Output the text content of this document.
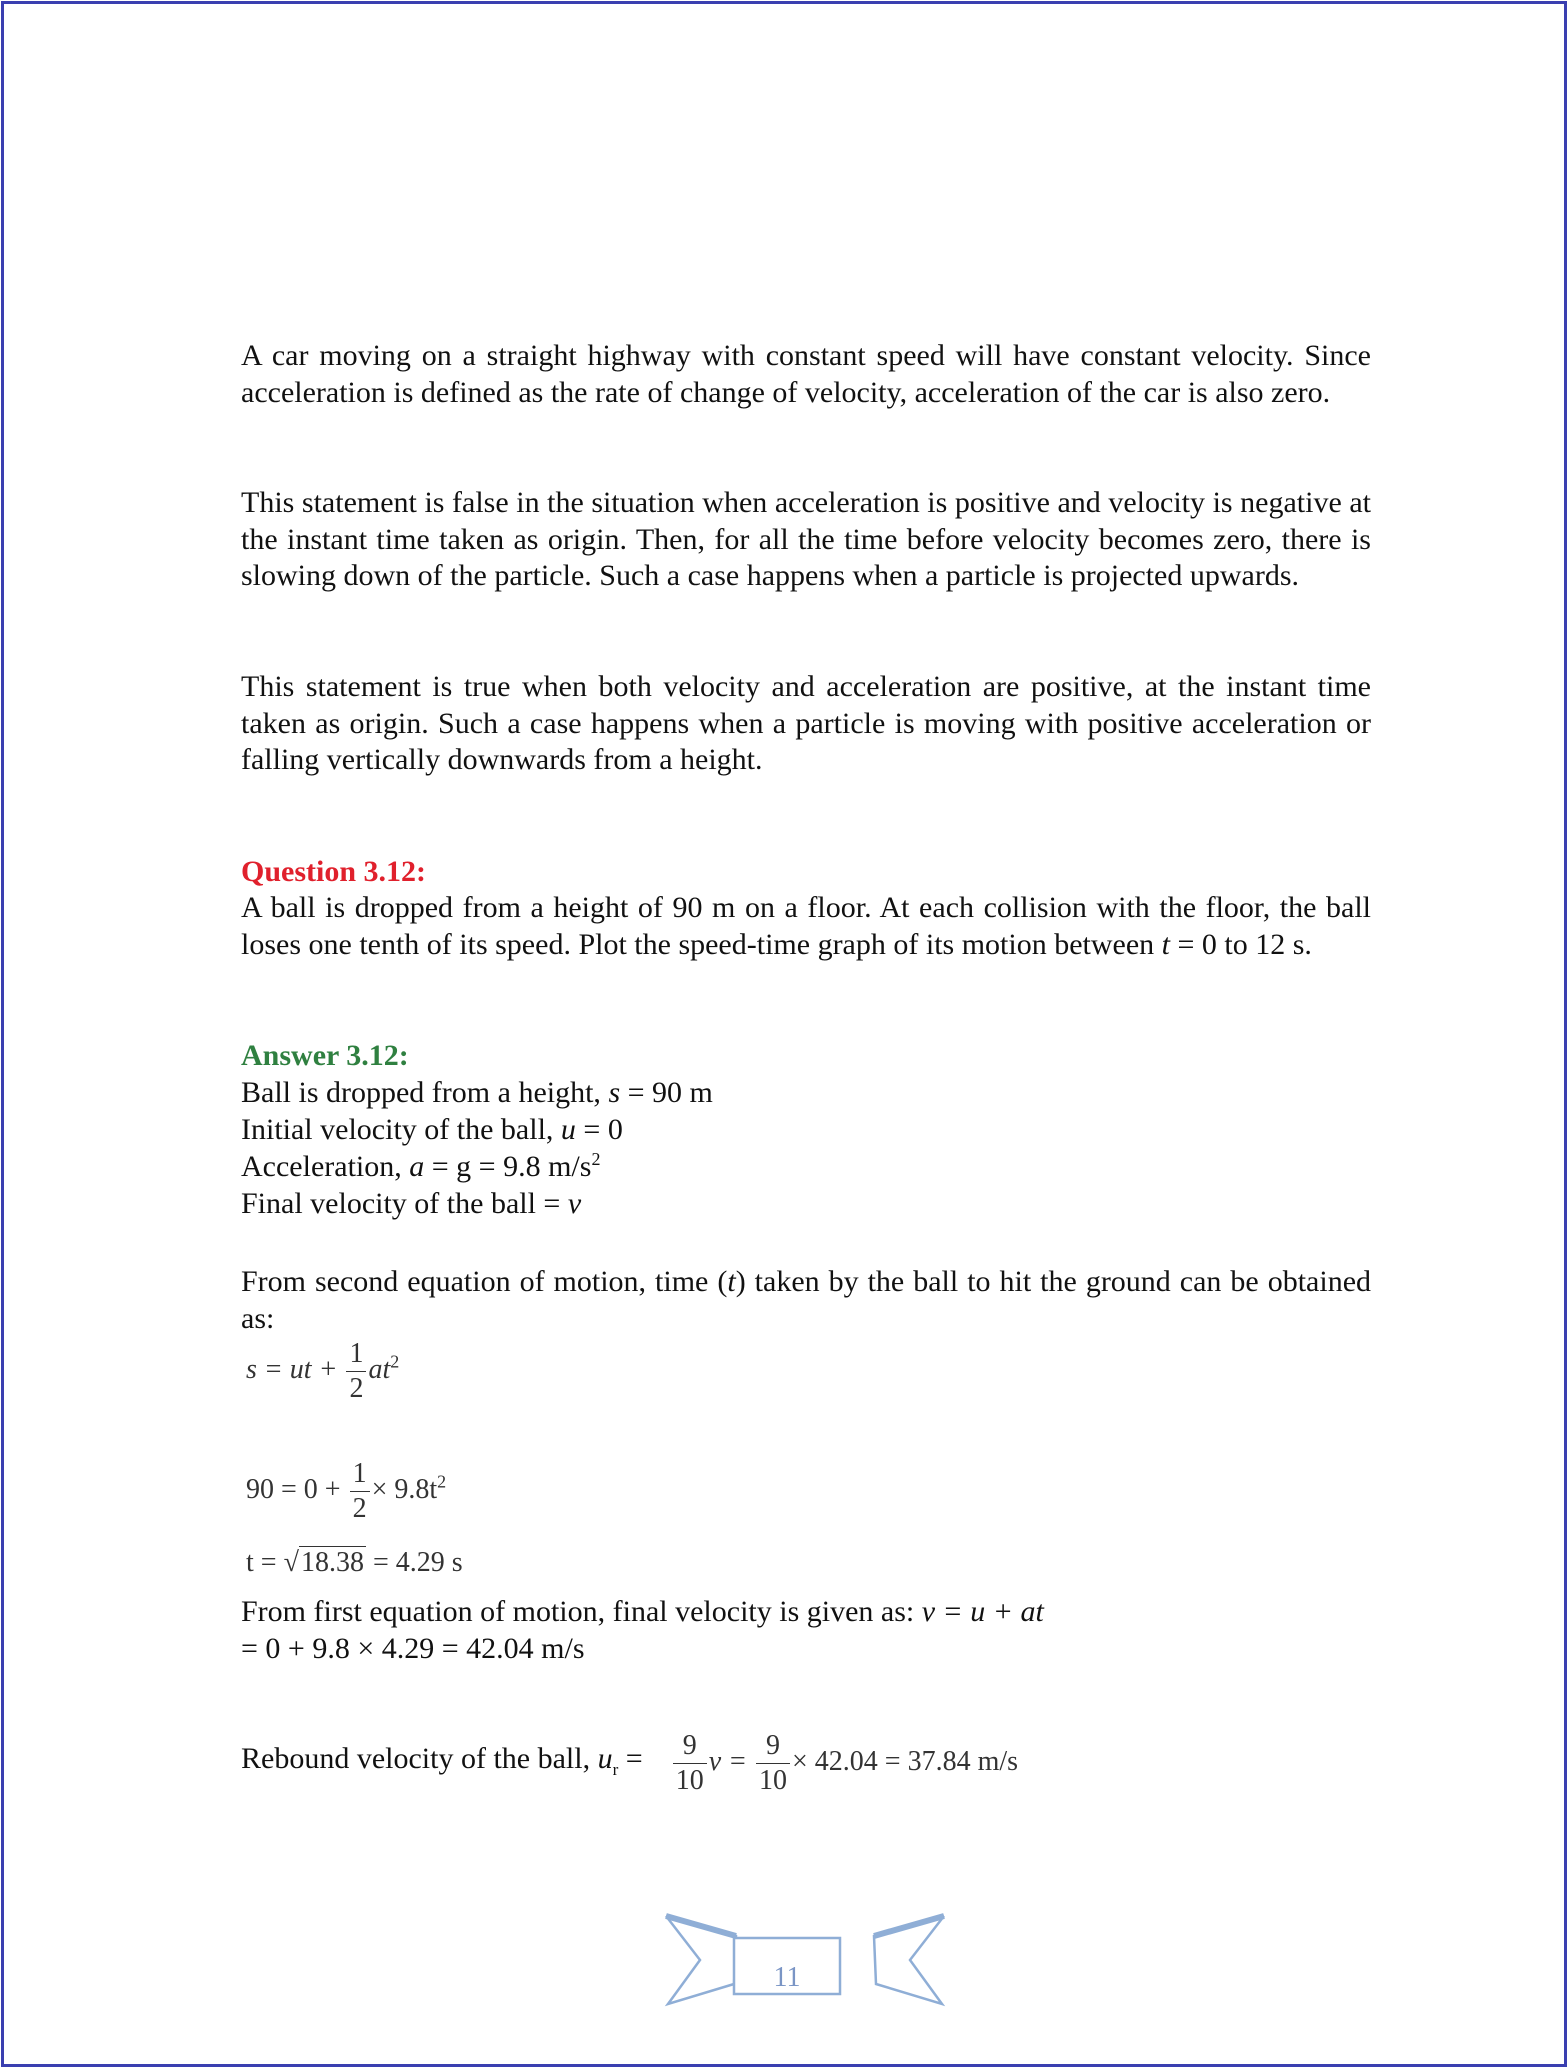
A car moving on a straight highway with constant speed will have constant velocity. Since acceleration is defined as the rate of change of velocity, acceleration of the car is also zero.

This statement is false in the situation when acceleration is positive and velocity is negative at the instant time taken as origin. Then, for all the time before velocity becomes zero, there is slowing down of the particle. Such a case happens when a particle is projected upwards.

This statement is true when both velocity and acceleration are positive, at the instant time taken as origin. Such a case happens when a particle is moving with positive acceleration or falling vertically downwards from a height.

Question 3.12:

A ball is dropped from a height of 90 m on a floor. At each collision with the floor, the ball loses one tenth of its speed. Plot the speed-time graph of its motion between t = 0 to 12 s.

Answer 3.12:

Ball is dropped from a height, s = 90 m

Initial velocity of the ball, u = 0

Acceleration, a = g = 9.8 $m/s^2$

Final velocity of the ball = v

From second equation of motion, time (t) taken by the ball to hit the ground can be obtained as:

s = ut + $\frac{1}{2} at^2$
$90 = 0 + \frac{1}{2} \times 9.8t^2$
t = √18.38 = 4.29 s

From first equation of motion, final velocity is given as: v = u + at

= 0 + 9.8 × 4.29 = 42.04 m/s

Rebound velocity of the ball, $u_r = \frac{9}{10}$ $v = \frac{9}{10} \times 42.04 = 37.84$ m/s
11
